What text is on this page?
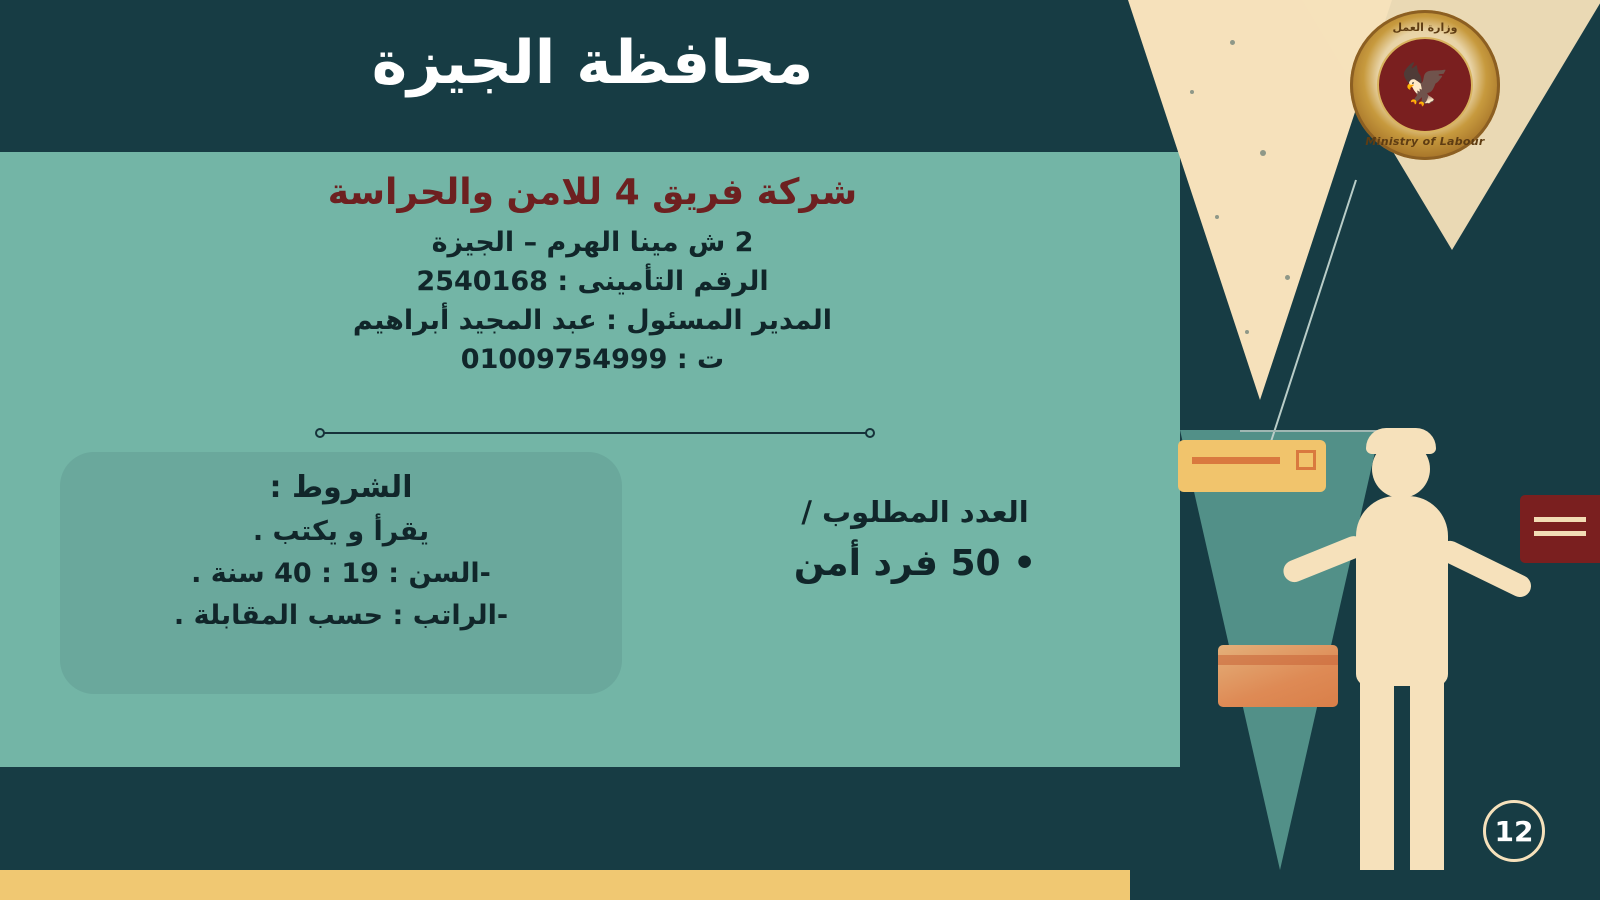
محافظة الجيزة
وزارة العمل
🦅
Ministry of Labour
شركة فريق 4 للامن والحراسة
2 ش مينا الهرم – الجيزة
الرقم التأمينى : 2540168
المدير المسئول : عبد المجيد أبراهيم
ت : 01009754999
الشروط :
يقرأ و يكتب .
-السن : 19 : 40 سنة .
-الراتب : حسب المقابلة .
العدد المطلوب /
• 50 فرد أمن
12
